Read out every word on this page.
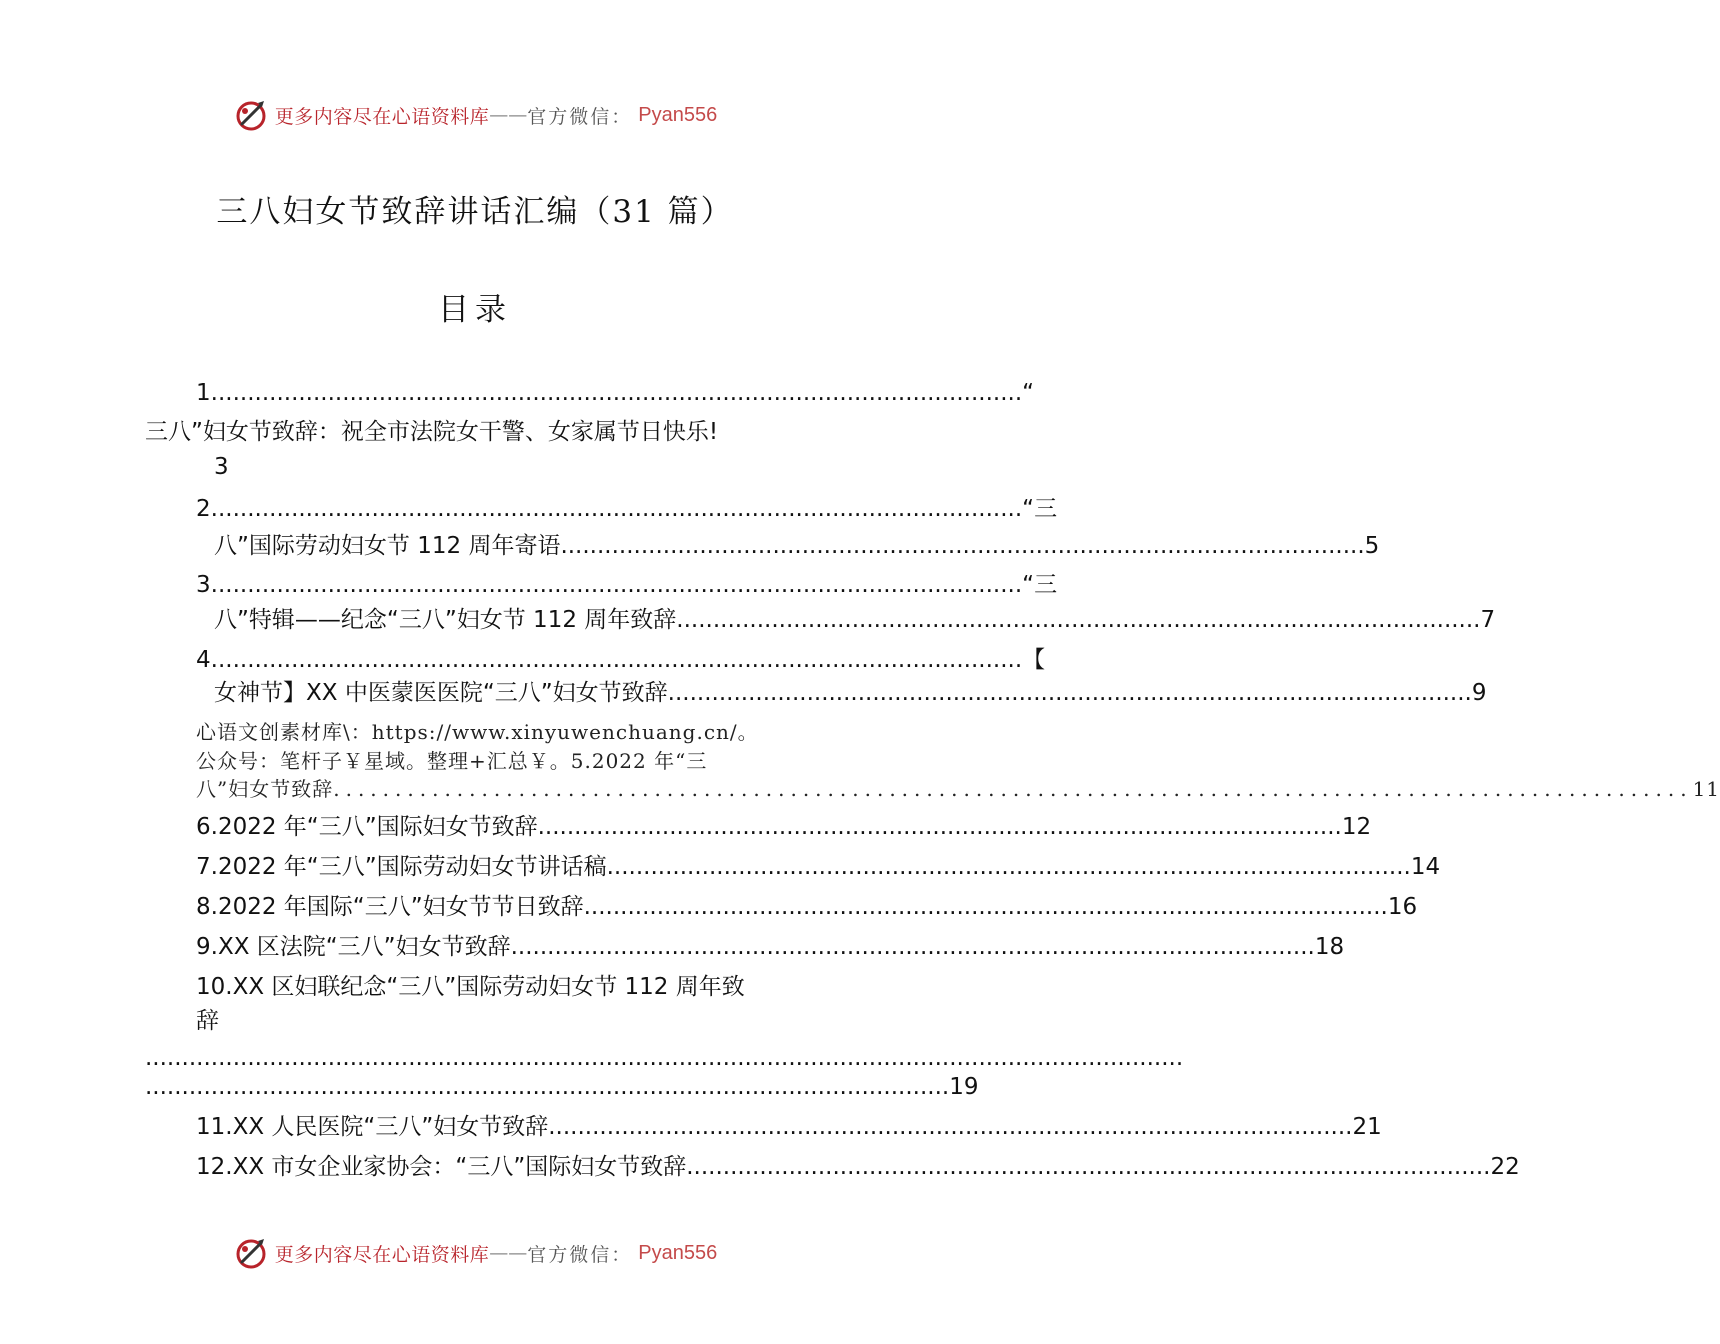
更多内容尽在心语资料库 —— 官方微信： Pyan556
三八妇女节致辞讲话汇编（31 篇）
目录
1. .............................................................................................................. “
三八”妇女节致辞：祝全市法院女干警、女家属节日快乐!
3
2. .............................................................................................................. “三
八”国际劳动妇女节 112 周年寄语 .............................................................................................................. 5
3. .............................................................................................................. “三
八”特辑——纪念“三八”妇女节 112 周年致辞 .............................................................................................................. 7
4. .............................................................................................................. 【
女神节】XX 中医蒙医医院“三八”妇女节致辞 .............................................................................................................. 9
心语文创素材库\：https://www.xinyuwenchuang.cn/。
公众号：笔杆子￥星域。整理+汇总￥。5.2022 年“三
八”妇女节致辞 .............................................................................................................. 11
6.2022 年“三八”国际妇女节致辞 .............................................................................................................. 12
7.2022 年“三八”国际劳动妇女节讲话稿 .............................................................................................................. 14
8.2022 年国际“三八”妇女节节日致辞 .............................................................................................................. 16
9.XX 区法院“三八”妇女节致辞 .............................................................................................................. 18
10.XX 区妇联纪念“三八”国际劳动妇女节 112 周年致
辞
..............................................................................................................................................
.............................................................................................................. 19
11.XX 人民医院“三八”妇女节致辞 .............................................................................................................. 21
12.XX 市女企业家协会：“三八”国际妇女节致辞 .............................................................................................................. 22
更多内容尽在心语资料库 —— 官方微信： Pyan556
